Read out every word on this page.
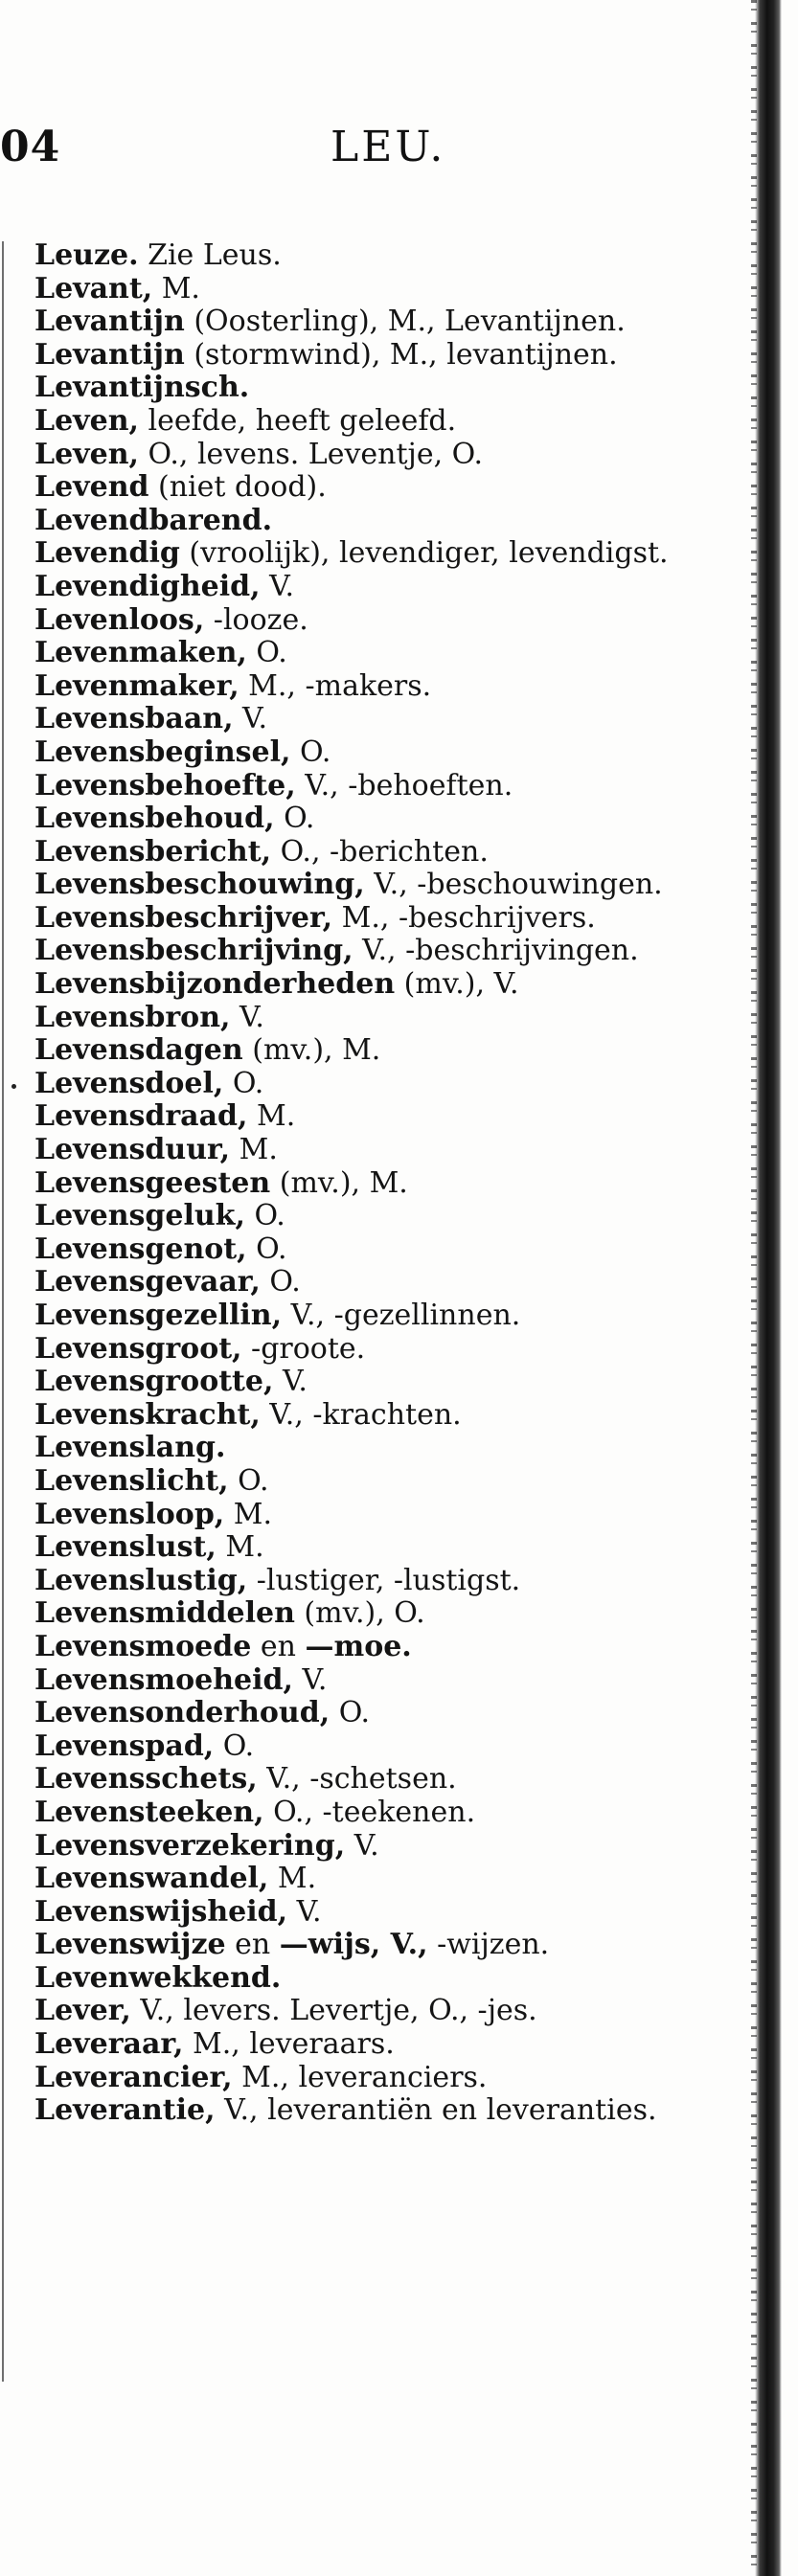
04	LEU.
Leuze. Zie Leus.
Levant, M.
Levantijn (Oosterling), M., Levantijnen.
Levantijn (stormwind), M., levantijnen.
Levantijnsch.
Leven, leefde, heeft geleefd.
Leven, O., levens. Leventje, O.
Levend (niet dood).
Levendbarend.
Levendig (vroolijk), levendiger, levendigst.
Levendigheid, V.
Levenloos, -looze.
Levenmaken, O.
Levenmaker, M., -makers.
Levensbaan, V.
Levensbeginsel, O.
Levensbehoefte, V., -behoeften.
Levensbehoud, O.
Levensbericht, O., -berichten.
Levensbeschouwing, V., -beschouwingen.
Levensbeschrijver, M., -beschrijvers.
Levensbeschrijving, V., -beschrijvingen.
Levensbijzonderheden (mv.), V.
Levensbron, V.
Levensdagen (mv.), M.
Levensdoel, O.
Levensdraad, M.
Levensduur, M.
Levensgeesten (mv.), M.
Levensgeluk, O.
Levensgenot, O.
Levensgevaar, O.
Levensgezellin, V., -gezellinnen.
Levensgroot, -groote.
Levensgrootte, V.
Levenskracht, V., -krachten.
Levenslang.
Levenslicht, O.
Levensloop, M.
Levenslust, M.
Levenslustig, -lustiger, -lustigst.
Levensmiddelen (mv.), O.
Levensmoede en —moe.
Levensmoeheid, V.
Levensonderhoud, O.
Levenspad, O.
Levensschets, V., -schetsen.
Levensteeken, O., -teekenen.
Levensverzekering, V.
Levenswandel, M.
Levenswijsheid, V.
Levenswijze en —wijs, V., -wijzen.
Levenwekkend.
Lever, V., levers. Levertje, O., -jes.
Leveraar, M., leveraars.
Leverancier, M., leveranciers.
Leverantie, V., leverantiën en leveranties.
